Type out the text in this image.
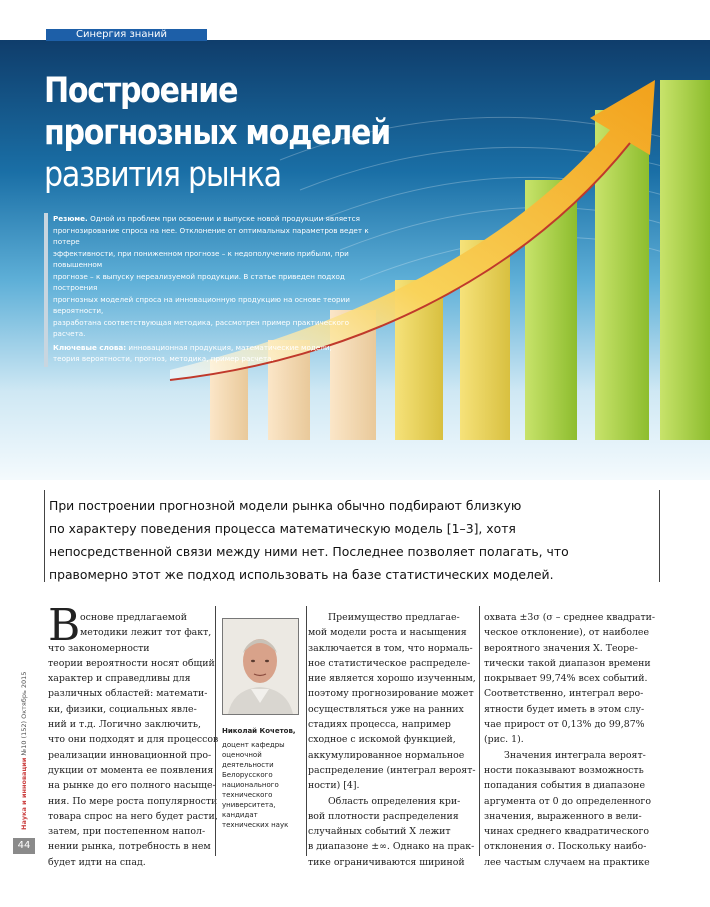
Синергия знаний
Построение
прогнозных моделей
развития рынка

Резюме. Одной из проблем при освоении и выпуске новой продукции является
прогнозирование спроса на нее. Отклонение от оптимальных параметров ведет к потере
эффективности, при пониженном прогнозе – к недополучению прибыли, при повышенном
прогнозе – к выпуску нереализуемой продукции. В статье приведен подход построения
прогнозных моделей спроса на инновационную продукцию на основе теории вероятности,
разработана соответствующая методика, рассмотрен пример практического расчета.

Ключевые слова: инновационная продукция, математические модели,
теория вероятности, прогноз, методика, пример расчета.

При построении прогнозной модели рынка обычно подбирают близкую
по характеру поведения процесса математическую модель [1–3], хотя
непосредственной связи между ними нет. Последнее позволяет полагать, что
правомерно этот же подход использовать на базе статистических моделей.
Наука и инновации №10 (152) Октябрь 2015
44
В основе предлагаемой
методики лежит тот факт,
что закономерности
теории вероятности носят общий
характер и справедливы для
различных областей: математи-
ки, физики, социальных явле-
ний и т.д. Логично заключить,
что они подходят и для процессов
реализации инновационной про-
дукции от момента ее появления
на рынке до его полного насыще-
ния. По мере роста популярности
товара спрос на него будет расти,
затем, при постепенном напол-
нении рынка, потребность в нем
будет идти на спад.
Николай Кочетов,
доцент кафедры
оценочной
деятельности
Белорусского
национального
технического
университета,
кандидат
технических наук
Преимущество предлагае-
мой модели роста и насыщения
заключается в том, что нормаль-
ное статистическое распределе-
ние является хорошо изученным,
поэтому прогнозирование может
осуществляться уже на ранних
стадиях процесса, например
сходное с искомой функцией,
аккумулированное нормальное
распределение (интеграл вероят-
ности) [4].
Область определения кри-
вой плотности распределения
случайных событий X лежит
в диапазоне ±∞. Однако на прак-
тике ограничиваются шириной
охвата ±3σ (σ – среднее квадрати-
ческое отклонение), от наиболее
вероятного значения Х. Теоре-
тически такой диапазон времени
покрывает 99,74% всех событий.
Соответственно, интеграл веро-
ятности будет иметь в этом слу-
чае прирост от 0,13% до 99,87%
(рис. 1).
Значения интеграла вероят-
ности показывают возможность
попадания события в диапазоне
аргумента от 0 до определенного
значения, выраженного в вели-
чинах среднего квадратического
отклонения σ. Поскольку наибо-
лее частым случаем на практике
